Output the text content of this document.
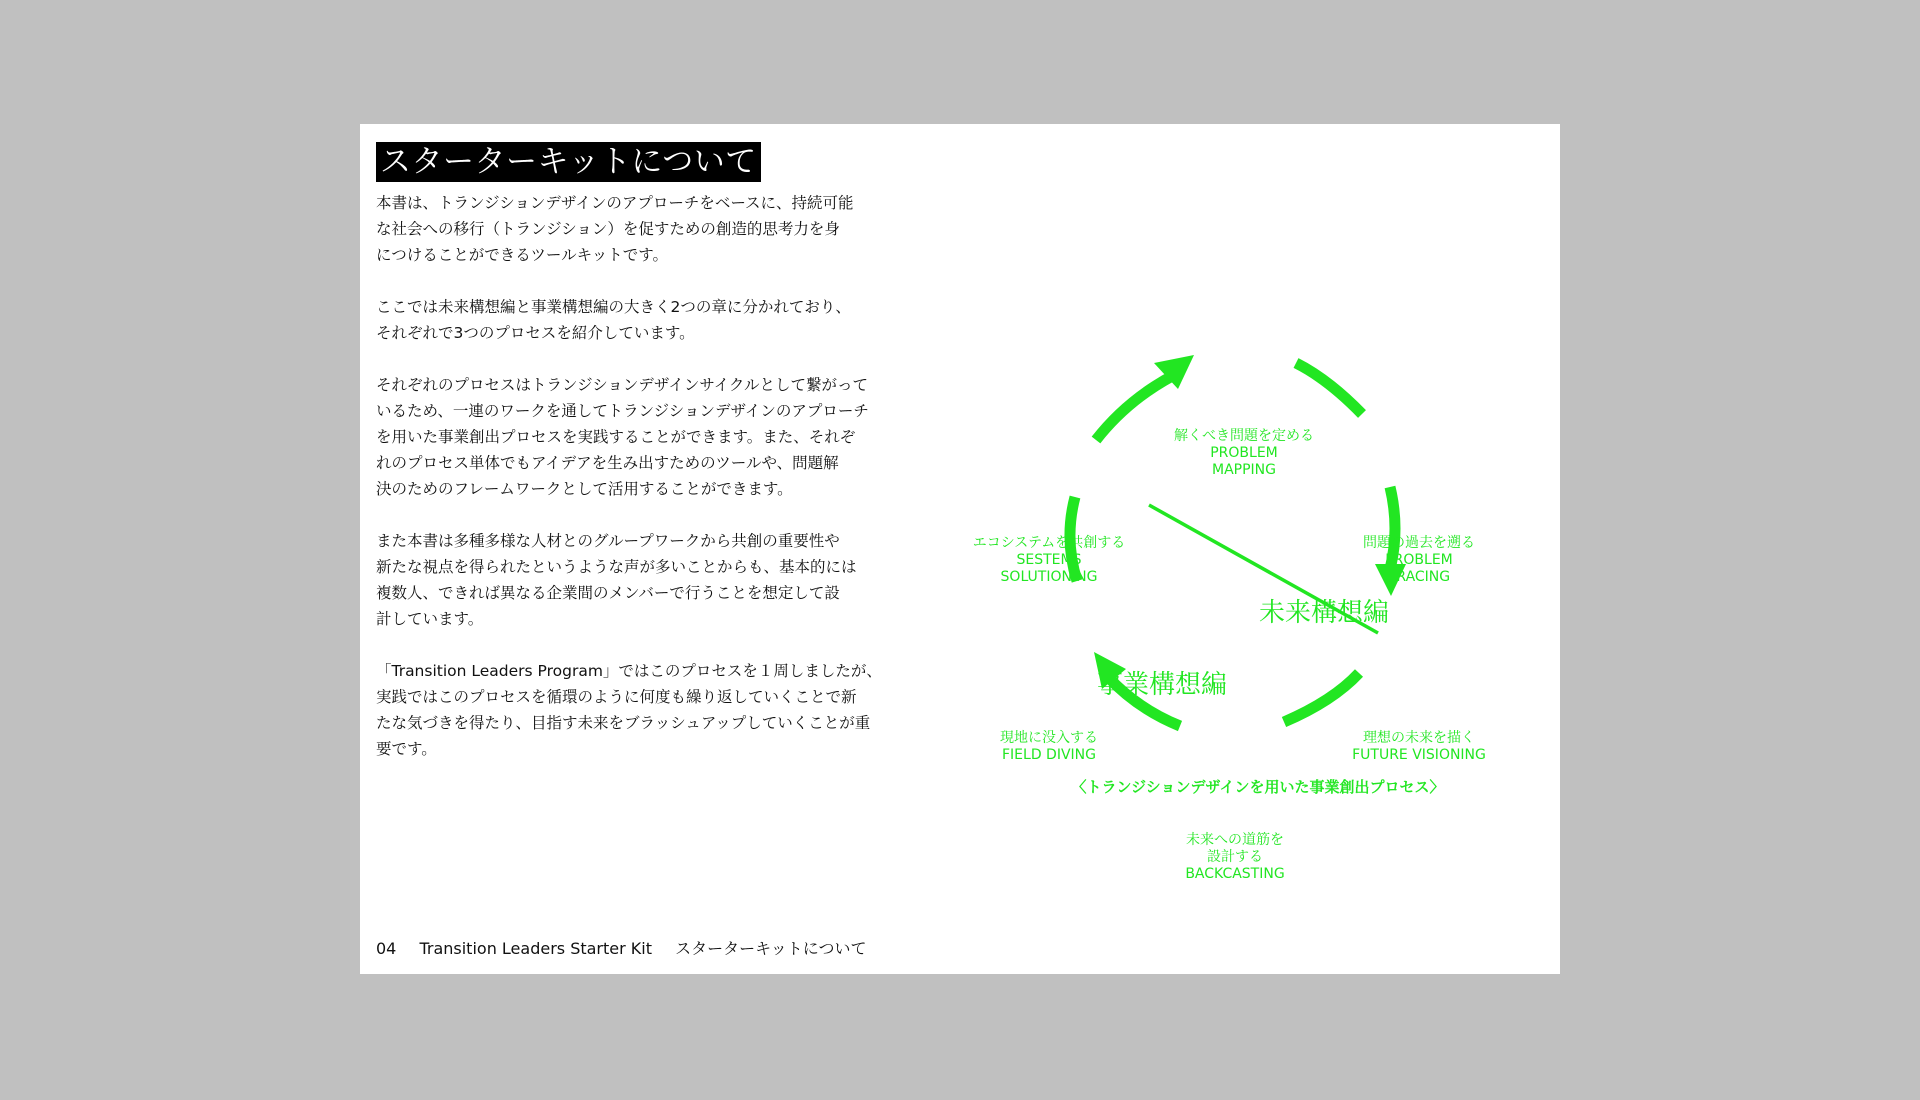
スターターキットについて

本書は、トランジションデザインのアプローチをベースに、持続可能
な社会への移行（トランジション）を促すための創造的思考力を身
につけることができるツールキットです。

ここでは未来構想編と事業構想編の大きく2つの章に分かれており、
それぞれで3つのプロセスを紹介しています。

それぞれのプロセスはトランジションデザインサイクルとして繋がって
いるため、一連のワークを通してトランジションデザインのアプローチ
を用いた事業創出プロセスを実践することができます。また、それぞ
れのプロセス単体でもアイデアを生み出すためのツールや、問題解
決のためのフレームワークとして活用することができます。

また本書は多種多様な人材とのグループワークから共創の重要性や
新たな視点を得られたというような声が多いことからも、基本的には
複数人、できれば異なる企業間のメンバーで行うことを想定して設
計しています。

「Transition Leaders Program」ではこのプロセスを１周しましたが、
実践ではこのプロセスを循環のように何度も繰り返していくことで新
たな気づきを得たり、目指す未来をブラッシュアップしていくことが重
要です。

解くべき問題を定める
PROBLEM
MAPPING
問題の過去を遡る
PROBLEM
TRACING
理想の未来を描く
FUTURE VISIONING
未来への道筋を
設計する
BACKCASTING
現地に没入する
FIELD DIVING
エコシステムを共創する
SESTEMS
SOLUTIONING
未来構想編
事業構想編
〈トランジションデザインを用いた事業創出プロセス〉
04 Transition Leaders Starter Kit スターターキットについて
